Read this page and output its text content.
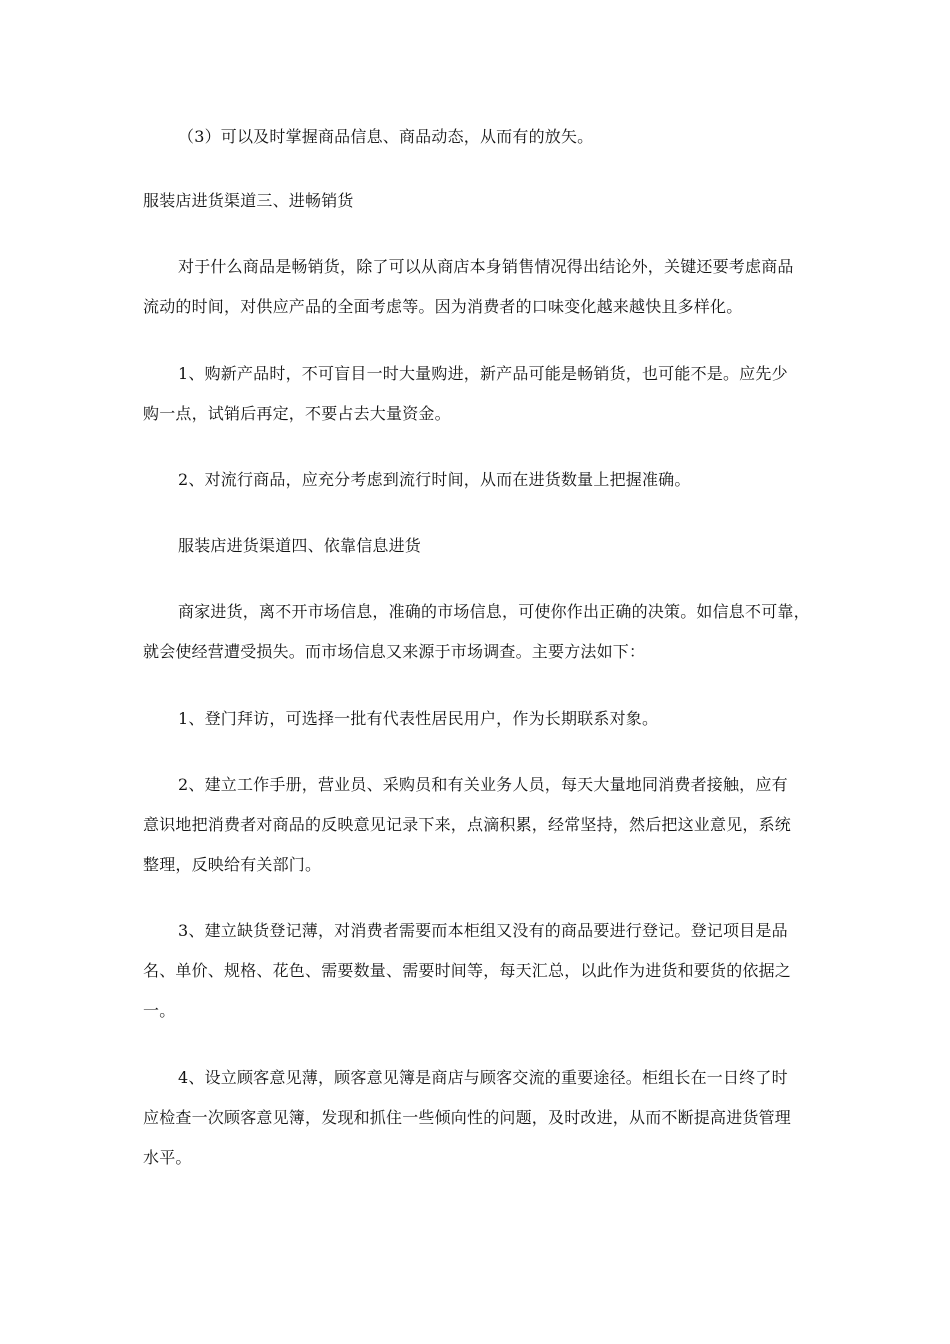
（3）可以及时掌握商品信息、商品动态，从而有的放矢。
服装店进货渠道三、进畅销货
对于什么商品是畅销货，除了可以从商店本身销售情况得出结论外，关键还要考虑商品
流动的时间，对供应产品的全面考虑等。因为消费者的口味变化越来越快且多样化。
1、购新产品时，不可盲目一时大量购进，新产品可能是畅销货，也可能不是。应先少
购一点，试销后再定，不要占去大量资金。
2、对流行商品，应充分考虑到流行时间，从而在进货数量上把握准确。
服装店进货渠道四、依靠信息进货
商家进货，离不开市场信息，准确的市场信息，可使你作出正确的决策。如信息不可靠，
就会使经营遭受损失。而市场信息又来源于市场调查。主要方法如下：
1、登门拜访，可选择一批有代表性居民用户，作为长期联系对象。
2、建立工作手册，营业员、采购员和有关业务人员，每天大量地同消费者接触，应有
意识地把消费者对商品的反映意见记录下来，点滴积累，经常坚持，然后把这业意见，系统
整理，反映给有关部门。
3、建立缺货登记薄，对消费者需要而本柜组又没有的商品要进行登记。登记项目是品
名、单价、规格、花色、需要数量、需要时间等，每天汇总，以此作为进货和要货的依据之
一。
4、设立顾客意见薄，顾客意见簿是商店与顾客交流的重要途径。柜组长在一日终了时
应检查一次顾客意见簿，发现和抓住一些倾向性的问题，及时改进，从而不断提高进货管理
水平。
